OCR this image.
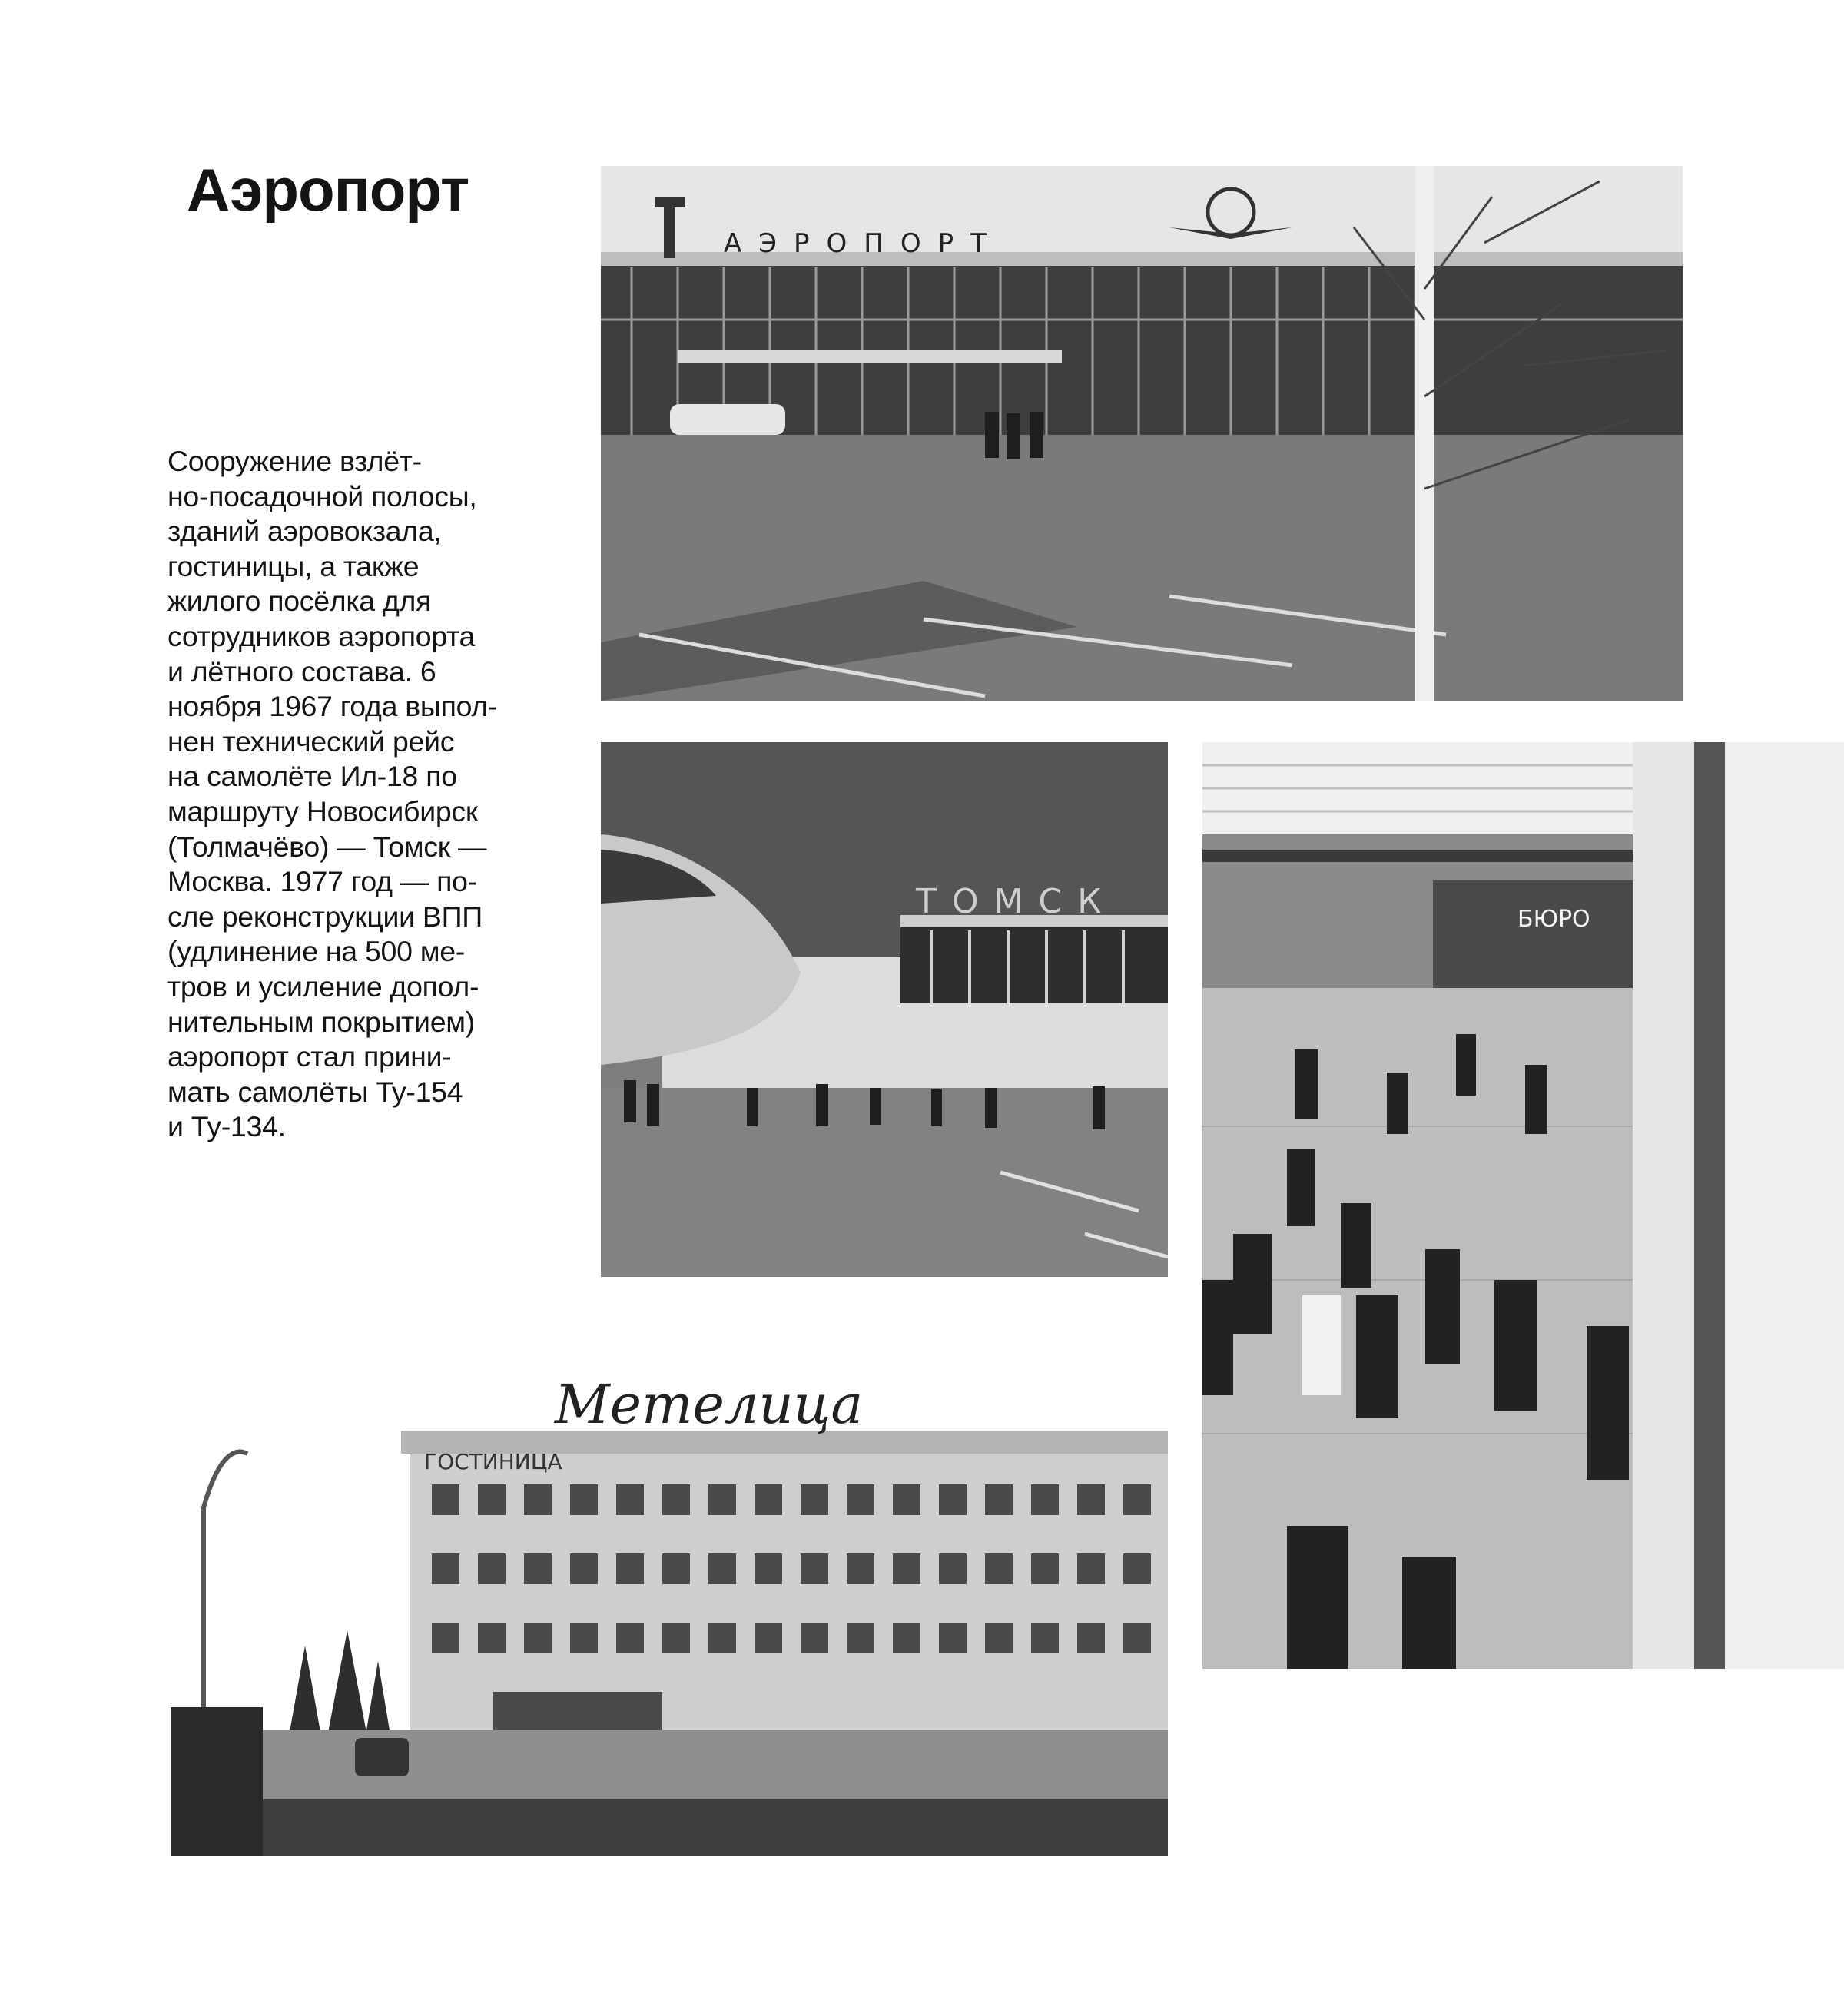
Аэропорт

Сооружение взлёт-
но-посадочной полосы,
зданий аэровокзала,
гостиницы, а также
жилого посёлка для
сотрудников аэропорта
и лётного состава. 6
ноября 1967 года выпол-
нен технический рейс
на самолёте Ил-18 по
маршруту Новосибирск
(Толмачёво) — Томск —
Москва. 1977 год — по-
сле реконструкции ВПП
(удлинение на 500 ме-
тров и усиление допол-
нительным покрытием)
аэропорт стал прини-
мать самолёты Ту-154
и Ту-134.

АЭРОПОРТ
ТОМСК	БЮРО
ГОСТИНИЦА
Метелица
